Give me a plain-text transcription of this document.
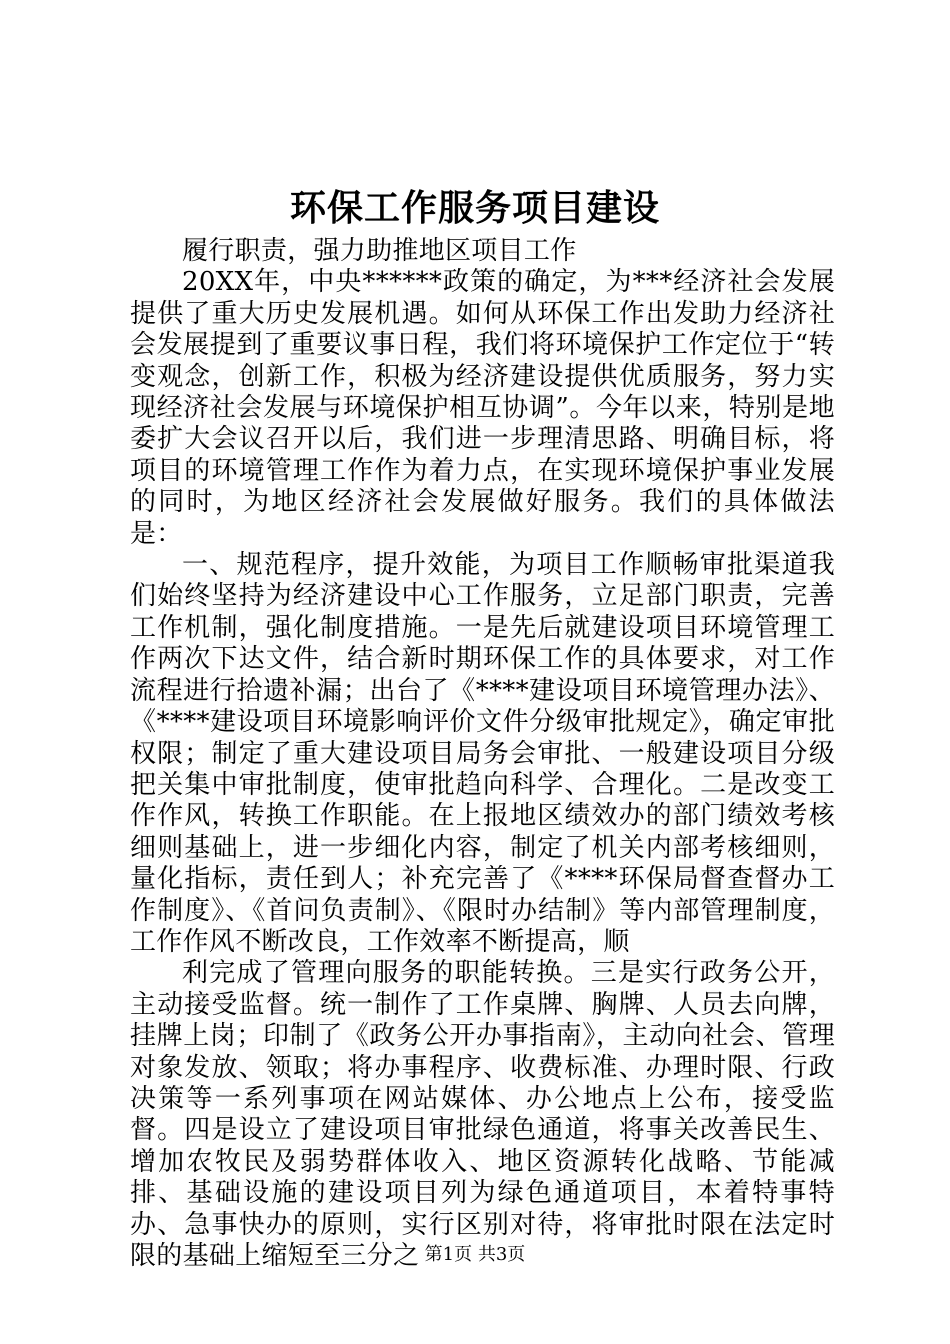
环保工作服务项目建设

履行职责，强力助推地区项目工作

20XX年，中央******政策的确定，为***经济社会发展提供了重大历史发展机遇。如何从环保工作出发助力经济社会发展提到了重要议事日程，我们将环境保护工作定位于“转变观念，创新工作，积极为经济建设提供优质服务，努力实现经济社会发展与环境保护相互协调”。今年以来，特别是地委扩大会议召开以后，我们进一步理清思路、明确目标，将项目的环境管理工作作为着力点，在实现环境保护事业发展的同时，为地区经济社会发展做好服务。我们的具体做法是：

一、规范程序，提升效能，为项目工作顺畅审批渠道我们始终坚持为经济建设中心工作服务，立足部门职责，完善工作机制，强化制度措施。一是先后就建设项目环境管理工作两次下达文件，结合新时期环保工作的具体要求，对工作流程进行拾遗补漏；出台了《****建设项目环境管理办法》、《****建设项目环境影响评价文件分级审批规定》，确定审批权限；制定了重大建设项目局务会审批、一般建设项目分级把关集中审批制度，使审批趋向科学、合理化。二是改变工作作风，转换工作职能。在上报地区绩效办的部门绩效考核细则基础上，进一步细化内容，制定了机关内部考核细则，量化指标，责任到人；补充完善了《****环保局督查督办工作制度》、《首问负责制》、《限时办结制》等内部管理制度，工作作风不断改良，工作效率不断提高，顺

利完成了管理向服务的职能转换。三是实行政务公开，主动接受监督。统一制作了工作桌牌、胸牌、人员去向牌，挂牌上岗；印制了《政务公开办事指南》，主动向社会、管理对象发放、领取；将办事程序、收费标准、办理时限、行政决策等一系列事项在网站媒体、办公地点上公布，接受监督。四是设立了建设项目审批绿色通道，将事关改善民生、增加农牧民及弱势群体收入、地区资源转化战略、节能减排、基础设施的建设项目列为绿色通道项目，本着特事特办、急事快办的原则，实行区别对待，将审批时限在法定时限的基础上缩短至三分之 第1页 共3页
